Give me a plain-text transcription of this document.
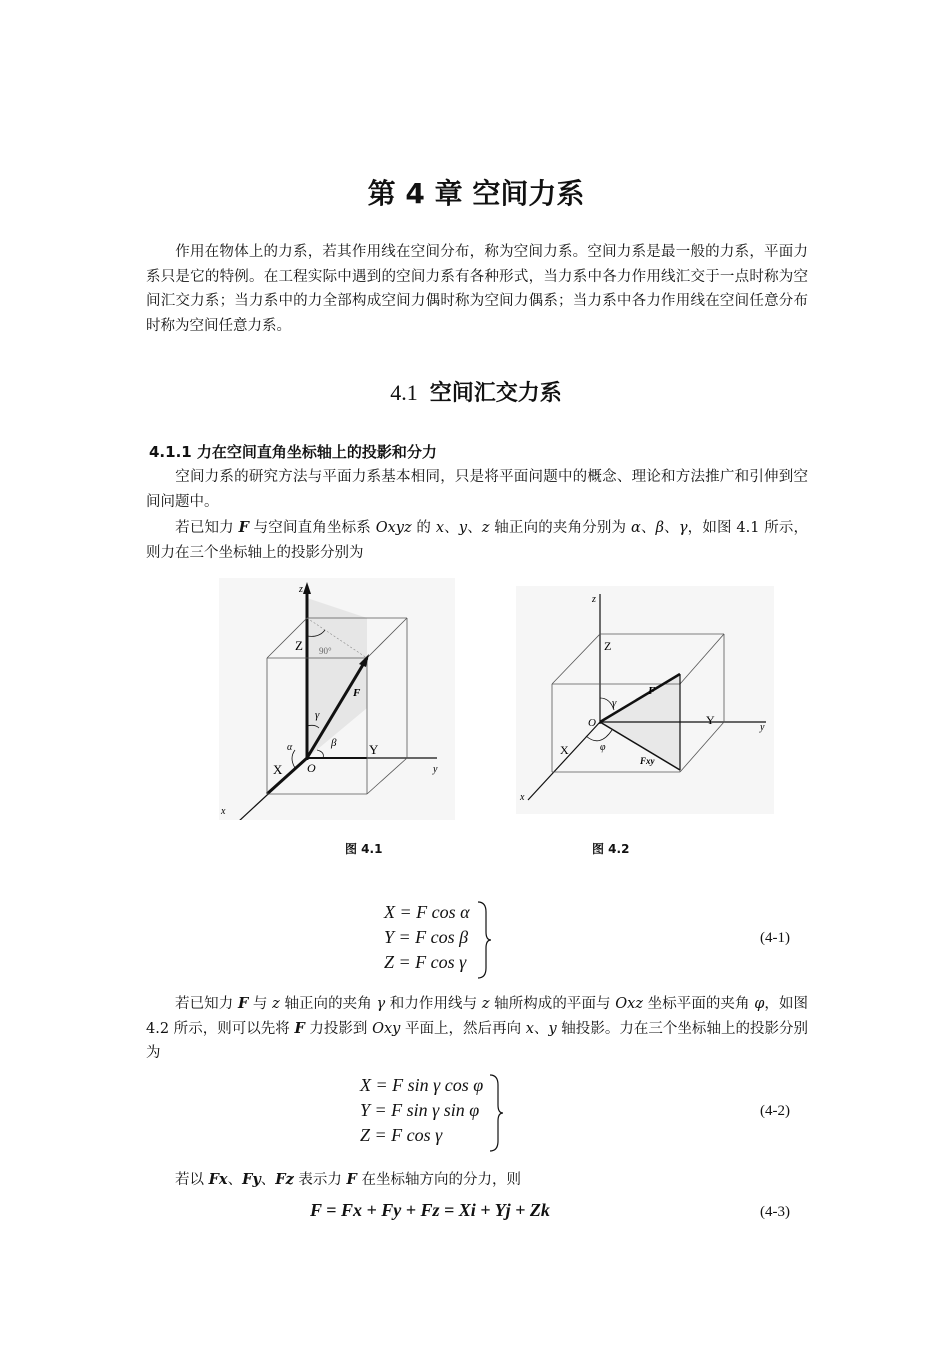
第 4 章 空间力系
作用在物体上的力系，若其作用线在空间分布，称为空间力系。空间力系是最一般的力系，平面力系只是它的特例。在工程实际中遇到的空间力系有各种形式，当力系中各力作用线汇交于一点时称为空间汇交力系；当力系中的力全部构成空间力偶时称为空间力偶系；当力系中各力作用线在空间任意分布时称为空间任意力系。
4.1 空间汇交力系
4.1.1 力在空间直角坐标轴上的投影和分力
空间力系的研究方法与平面力系基本相同，只是将平面问题中的概念、理论和方法推广和引伸到空间问题中。
若已知力 F 与空间直角坐标系 Oxyz 的 x、y、z 轴正向的夹角分别为 α、β、γ，如图 4.1 所示，则力在三个坐标轴上的投影分别为
z
Z 90°
F
γ
β
α	Y
X O	y
x
图 4.1
z
Z
F
γ
O	Y
y
X	φ
Fxy
x
图 4.2
X = F cos α
Y = F cos β
Z = F cos γ
(4-1)
若已知力 F 与 z 轴正向的夹角 γ 和力作用线与 z 轴所构成的平面与 Oxz 坐标平面的夹角 φ，如图 4.2 所示，则可以先将 F 力投影到 Oxy 平面上，然后再向 x、y 轴投影。力在三个坐标轴上的投影分别为
X = F sin γ cos φ
Y = F sin γ sin φ
Z = F cos γ
(4-2)
若以 Fx、Fy、Fz 表示力 F 在坐标轴方向的分力，则
F = Fx + Fy + Fz = Xi + Yj + Zk	(4-3)
